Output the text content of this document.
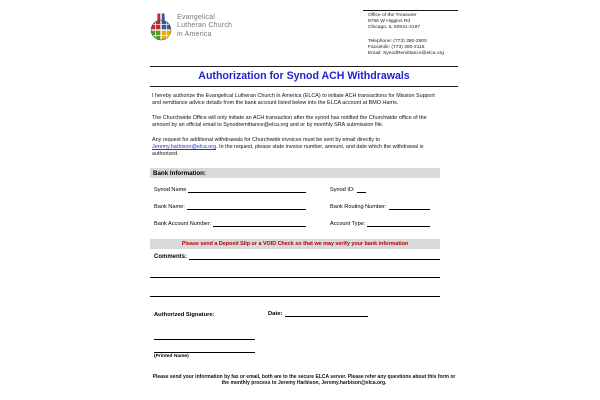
Evangelical
Lutheran Church
in America
Office of the Treasurer
8765 W Higgins Rd
Chicago, IL 60631-4197
Telephone: (773) 380-2900
Facsimile: (773) 380-2115
Email: SynodRemittance@elca.org
Authorization for Synod ACH Withdrawals
I hereby authorize the Evangelical Lutheran Church in America (ELCA) to initiate ACH transactions for Mission Support and remittance advice details from the bank account listed below into the ELCA account at BMO Harris.
The Churchwide Office will only initiate an ACH transaction after the synod has notified the Churchwide office of the amount by an official email to Synodremittance@elca.org and or by monthly SRA submission file.
Any request for additional withdrawals for Churchwide invoices must be sent by email directly to Jeremy.harbison@elca.org. In the request, please state invoice number, amount, and date which the withdrawal is authorized.
Bank Information:
Synod Name	Synod ID:
Bank Name:	Bank Routing Number:
Bank Account Number:	Account Type:
Please send a Deposit Slip or a VOID Check so that we may verify your bank information
Comments:
Authorized Signature:	Date:
(Printed Name)
Please send your information by fax or email, both are to the secure ELCA server. Please refer any questions about this form or the monthly process to Jeremy Harbison, Jeremy.harbison@elca.org.
